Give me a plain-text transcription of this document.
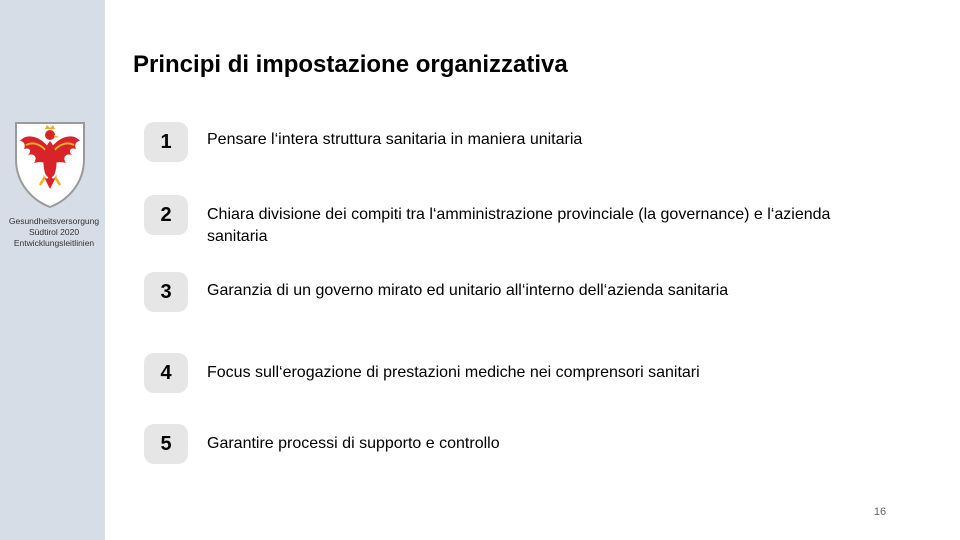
Gesundheitsversorgung
Südtirol 2020
Entwicklungsleitlinien
Principi di impostazione organizzativa
1	Pensare l‘intera struttura sanitaria in maniera unitaria
2	Chiara divisione dei compiti tra l‘amministrazione provinciale (la governance) e l‘azienda sanitaria
3	Garanzia di un governo mirato ed unitario all‘interno dell‘azienda sanitaria
4	Focus sull‘erogazione di prestazioni mediche nei comprensori sanitari
5	Garantire processi di supporto e controllo
16
